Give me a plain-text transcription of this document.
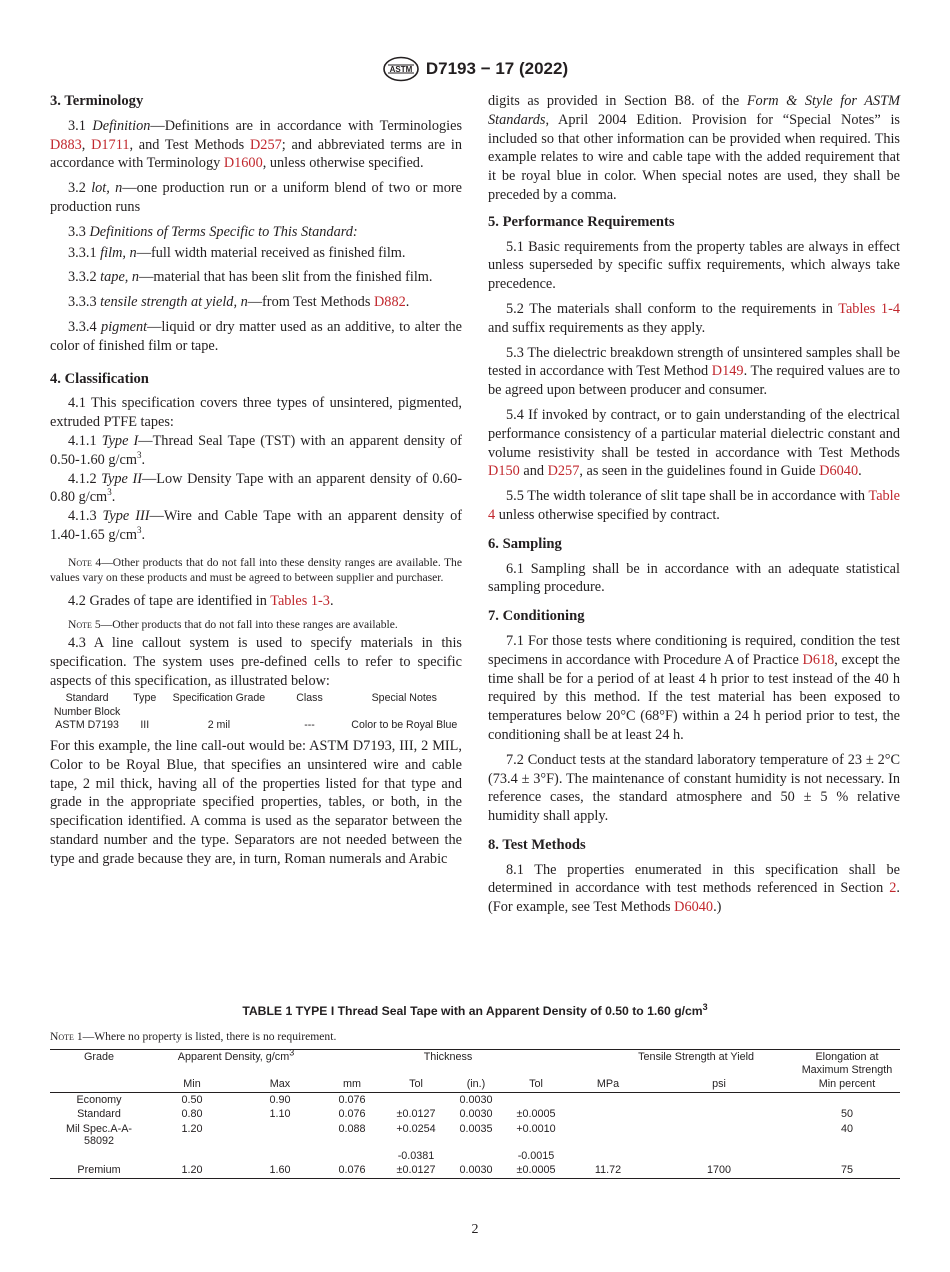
ASTM D7193 − 17 (2022)
3. Terminology

3.1 Definition—Definitions are in accordance with Terminologies D883, D1711, and Test Methods D257; and abbreviated terms are in accordance with Terminology D1600, unless otherwise specified.

3.2 lot, n—one production run or a uniform blend of two or more production runs

3.3 Definitions of Terms Specific to This Standard:

3.3.1 film, n—full width material received as finished film.

3.3.2 tape, n—material that has been slit from the finished film.

3.3.3 tensile strength at yield, n—from Test Methods D882.

3.3.4 pigment—liquid or dry matter used as an additive, to alter the color of finished film or tape.

4. Classification

4.1 This specification covers three types of unsintered, pigmented, extruded PTFE tapes:

4.1.1 Type I—Thread Seal Tape (TST) with an apparent density of 0.50-1.60 $g/cm^3$.

4.1.2 Type II—Low Density Tape with an apparent density of 0.60-0.80 $g/cm^3$.

4.1.3 Type III—Wire and Cable Tape with an apparent density of 1.40-1.65 $g/cm^3$.

Note 4—Other products that do not fall into these density ranges are available. The values vary on these products and must be agreed to between supplier and purchaser.

4.2 Grades of tape are identified in Tables 1-3.

Note 5—Other products that do not fall into these ranges are available.

4.3 A line callout system is used to specify materials in this specification. The system uses pre-defined cells to refer to specific aspects of this specification, as illustrated below:

Standard Number Block	Type	Specification Grade	Class	Special Notes
ASTM D7193	III	2 mil	---	Color to be Royal Blue

For this example, the line call-out would be: ASTM D7193, III, 2 MIL, Color to be Royal Blue, that specifies an unsintered wire and cable tape, 2 mil thick, having all of the properties listed for that type and grade in the appropriate specified properties, tables, or both, in the specification identified. A comma is used as the separator between the standard number and the type. Separators are not needed between the type and grade because they are, in turn, Roman numerals and Arabic

digits as provided in Section B8. of the Form & Style for ASTM Standards, April 2004 Edition. Provision for “Special Notes” is included so that other information can be provided when required. This example relates to wire and cable tape with the added requirement that it be royal blue in color. When special notes are used, they shall be preceded by a comma.

5. Performance Requirements

5.1 Basic requirements from the property tables are always in effect unless superseded by specific suffix requirements, which always take precedence.

5.2 The materials shall conform to the requirements in Tables 1-4 and suffix requirements as they apply.

5.3 The dielectric breakdown strength of unsintered samples shall be tested in accordance with Test Method D149. The required values are to be agreed upon between producer and consumer.

5.4 If invoked by contract, or to gain understanding of the electrical performance consistency of a particular material dielectric constant and volume resistivity shall be tested in accordance with Test Methods D150 and D257, as seen in the guidelines found in Guide D6040.

5.5 The width tolerance of slit tape shall be in accordance with Table 4 unless otherwise specified by contract.

6. Sampling

6.1 Sampling shall be in accordance with an adequate statistical sampling procedure.

7. Conditioning

7.1 For those tests where conditioning is required, condition the test specimens in accordance with Procedure A of Practice D618, except the time shall be for a period of at least 4 h prior to test instead of the 40 h required by this method. If the test material has been exposed to temperatures below 20°C (68°F) within a 24 h period prior to test, the conditioning shall be at least 24 h.

7.2 Conduct tests at the standard laboratory temperature of 23 ± 2°C (73.4 ± 3°F). The maintenance of constant humidity is not necessary. In reference cases, the standard atmosphere and 50 ± 5 % relative humidity shall apply.

8. Test Methods

8.1 The properties enumerated in this specification shall be determined in accordance with test methods referenced in Section 2. (For example, see Test Methods D6040.)

TABLE 1 TYPE I Thread Seal Tape with an Apparent Density of 0.50 to 1.60 $g/cm^3$
Note 1—Where no property is listed, there is no requirement.
Grade	Apparent Density, $g/cm^3$		Thickness				Tensile Strength at Yield		Elongation at Maximum Strength
	Min	Max	mm	Tol	(in.)	Tol	MPa	psi	Min percent
Economy	0.50	0.90	0.076		0.0030				
Standard	0.80	1.10	0.076	±0.0127	0.0030	±0.0005			50
Mil Spec.A-A-58092	1.20		0.088	+0.0254	0.0035	+0.0010			40
				-0.0381		-0.0015			
Premium	1.20	1.60	0.076	±0.0127	0.0030	±0.0005	11.72	1700	75
2
